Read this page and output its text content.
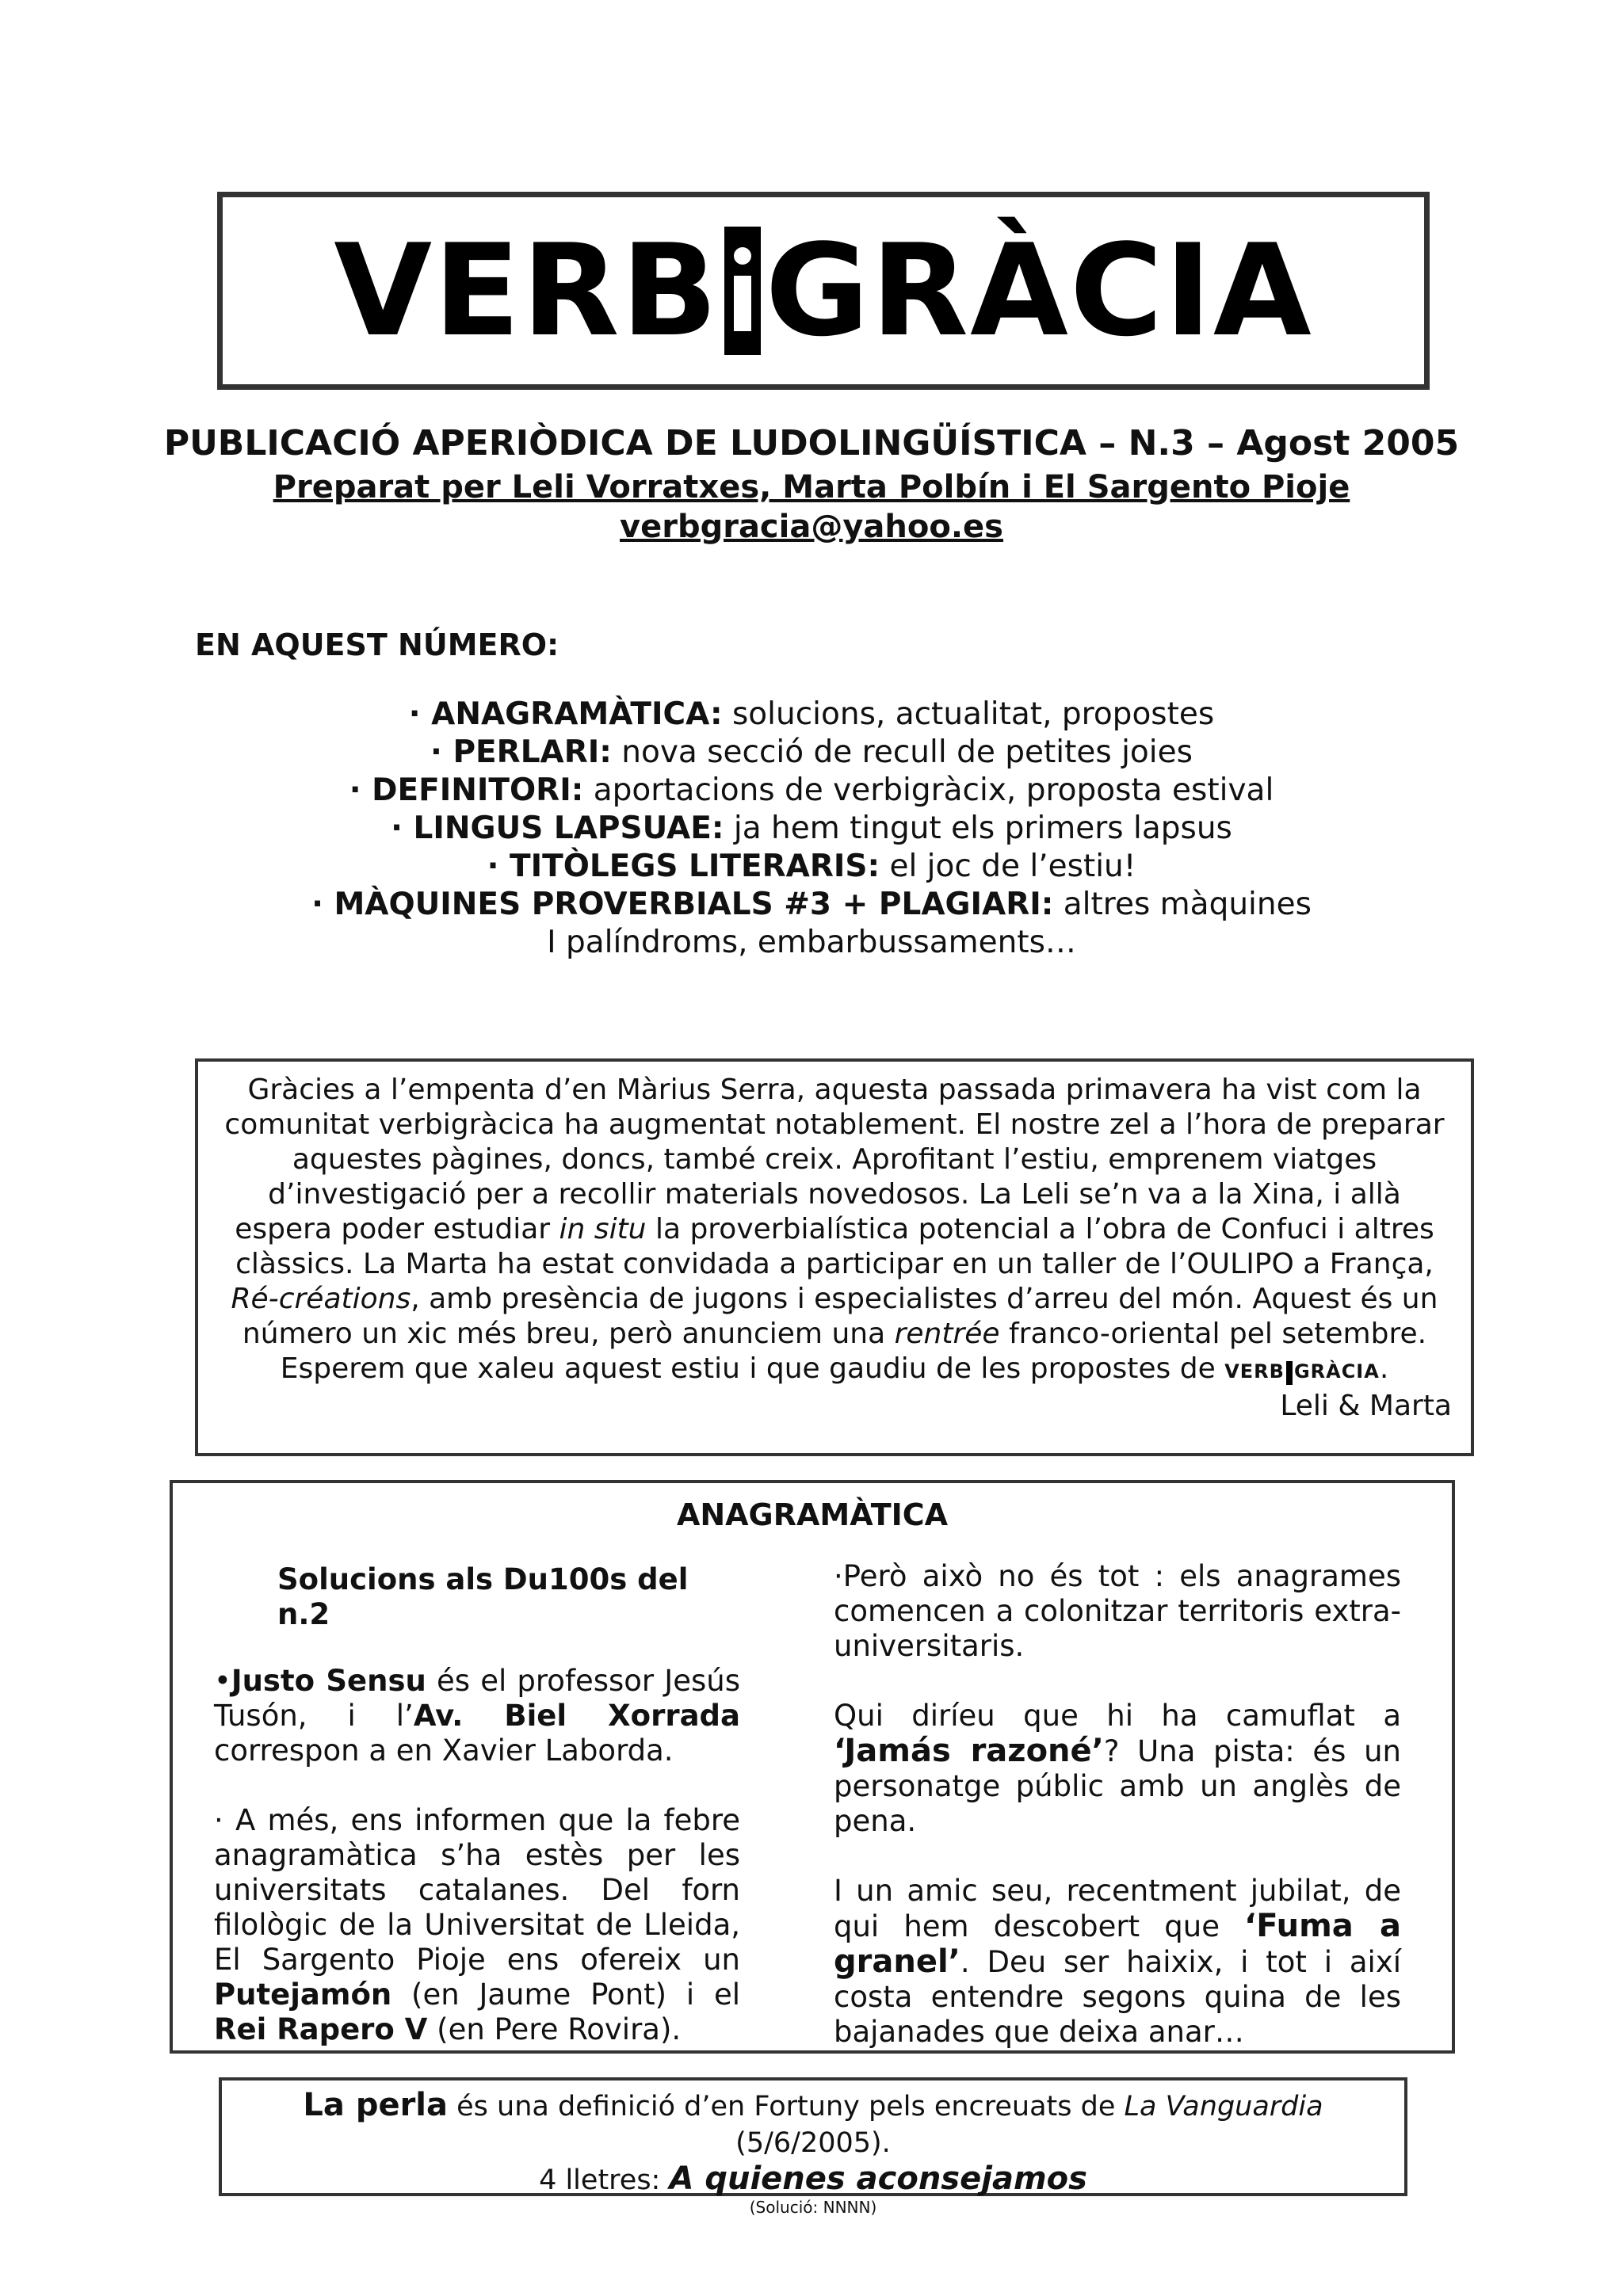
VERB GRÀCIA
PUBLICACIÓ APERIÒDICA DE LUDOLINGÜÍSTICA – N.3 – Agost 2005
Preparat per Leli Vorratxes, Marta Polbín i El Sargento Pioje
verbgracia@yahoo.es
EN AQUEST NÚMERO:
· ANAGRAMÀTICA: solucions, actualitat, propostes
· PERLARI: nova secció de recull de petites joies
· DEFINITORI: aportacions de verbigràcix, proposta estival
· LINGUS LAPSUAE: ja hem tingut els primers lapsus
· TITÒLEGS LITERARIS: el joc de l’estiu!
· MÀQUINES PROVERBIALS #3 + PLAGIARI: altres màquines
I palíndroms, embarbussaments…
Gràcies a l’empenta d’en Màrius Serra, aquesta passada primavera ha vist com la comunitat verbigràcica ha augmentat notablement. El nostre zel a l’hora de preparar aquestes pàgines, doncs, també creix. Aprofitant l’estiu, emprenem viatges d’investigació per a recollir materials novedosos. La Leli se’n va a la Xina, i allà espera poder estudiar in situ la proverbialística potencial a l’obra de Confuci i altres clàssics. La Marta ha estat convidada a participar en un taller de l’OULIPO a França, Ré-créations, amb presència de jugons i especialistes d’arreu del món. Aquest és un número un xic més breu, però anunciem una rentrée franco-oriental pel setembre. Esperem que xaleu aquest estiu i que gaudiu de les propostes de VERB GRÀCIA .
Leli & Marta
ANAGRAMÀTICA

Solucions als Du100s del n.2

•Justo Sensu és el professor Jesús Tusón, i l’Av. Biel Xorrada correspon a en Xavier Laborda.

· A més, ens informen que la febre anagramàtica s’ha estès per les universitats catalanes. Del forn filològic de la Universitat de Lleida, El Sargento Pioje ens ofereix un Putejamón (en Jaume Pont) i el Rei Rapero V (en Pere Rovira).

·Però això no és tot : els anagrames comencen a colonitzar territoris extra-universitaris.

Qui diríeu que hi ha camuflat a ‘Jamás razoné’? Una pista: és un personatge públic amb un anglès de pena.

I un amic seu, recentment jubilat, de qui hem descobert que ‘Fuma a granel’. Deu ser haixix, i tot i així costa entendre segons quina de les bajanades que deixa anar…

La perla és una definició d’en Fortuny pels encreuats de La Vanguardia (5/6/2005).
4 lletres: A quienes aconsejamos
(Solució: NNNN)
